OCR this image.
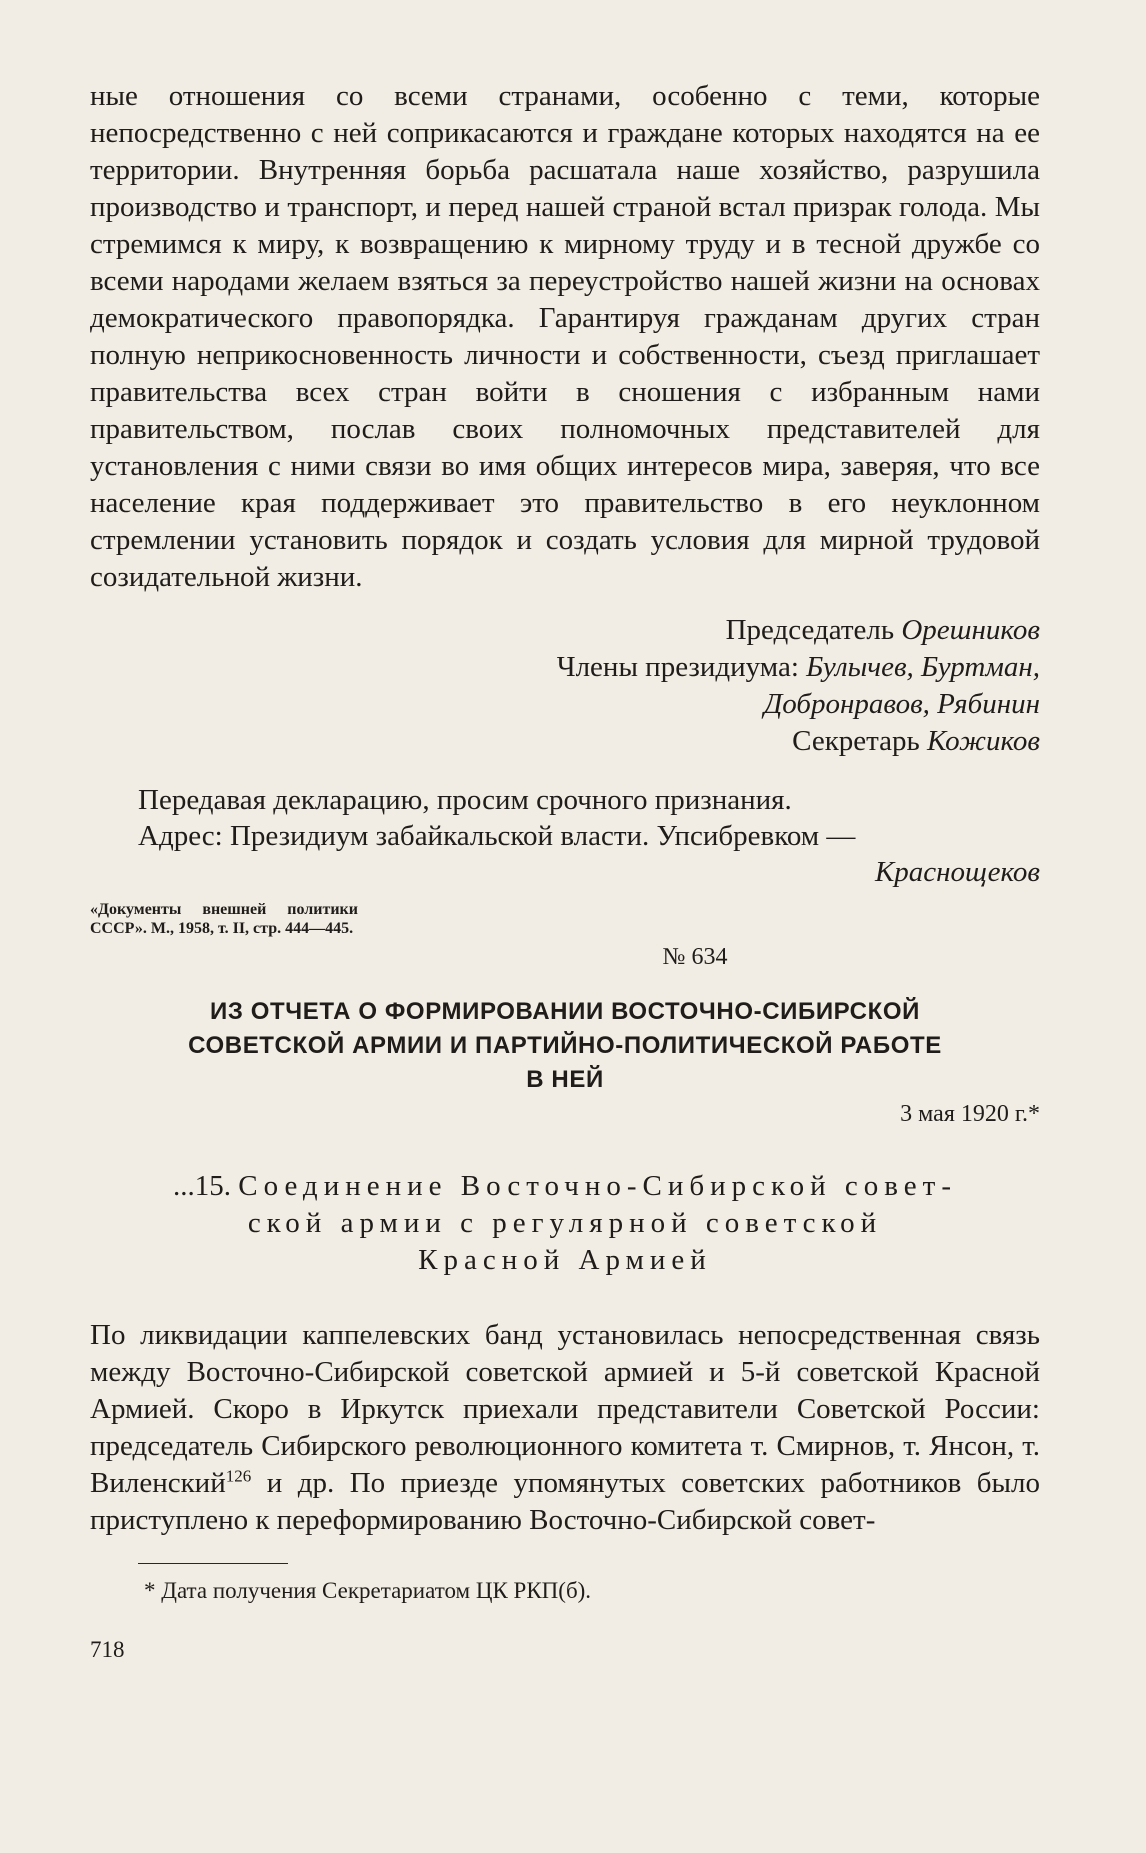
ные отношения со всеми странами, особенно с теми, которые непосредственно с ней соприкасаются и граждане которых находятся на ее территории. Внутренняя борьба расшатала наше хозяйство, разрушила производство и транспорт, и перед нашей страной встал призрак голода. Мы стремимся к миру, к возвращению к мирному труду и в тесной дружбе со всеми народами желаем взяться за переустройство нашей жизни на основах демократического правопорядка. Гарантируя гражданам других стран полную неприкосновенность личности и собственности, съезд приглашает правительства всех стран войти в сношения с избранным нами правительством, послав своих полномочных представителей для установления с ними связи во имя общих интересов мира, заверяя, что все население края поддерживает это правительство в его неуклонном стремлении установить порядок и создать условия для мирной трудовой созидательной жизни.

Председатель Орешников

Члены президиума: Булычев, Буртман,

Добронравов, Рябинин

Секретарь Кожиков

Передавая декларацию, просим срочного признания.

Адрес: Президиум забайкальской власти. Упсибревком —

Краснощеков

«Документы внешней политики СССР». М., 1958, т. II, стр. 444—445.
№ 634
ИЗ ОТЧЕТА О ФОРМИРОВАНИИ ВОСТОЧНО-СИБИРСКОЙ
СОВЕТСКОЙ АРМИИ И ПАРТИЙНО-ПОЛИТИЧЕСКОЙ РАБОТЕ
В НЕЙ
3 мая 1920 г.*
...15. Соединение Восточно-Сибирской совет-
ской армии с регулярной советской
Красной Армией

По ликвидации каппелевских банд установилась непосредственная связь между Восточно-Сибирской советской армией и 5-й советской Красной Армией. Скоро в Иркутск приехали представители Советской России: председатель Сибирского революционного комитета т. Смирнов, т. Янсон, т. Виленский$^{126}$ и др. По приезде упомянутых советских работников было приступлено к переформированию Восточно-Сибирской совет-

* Дата получения Секретариатом ЦК РКП(б).
718
